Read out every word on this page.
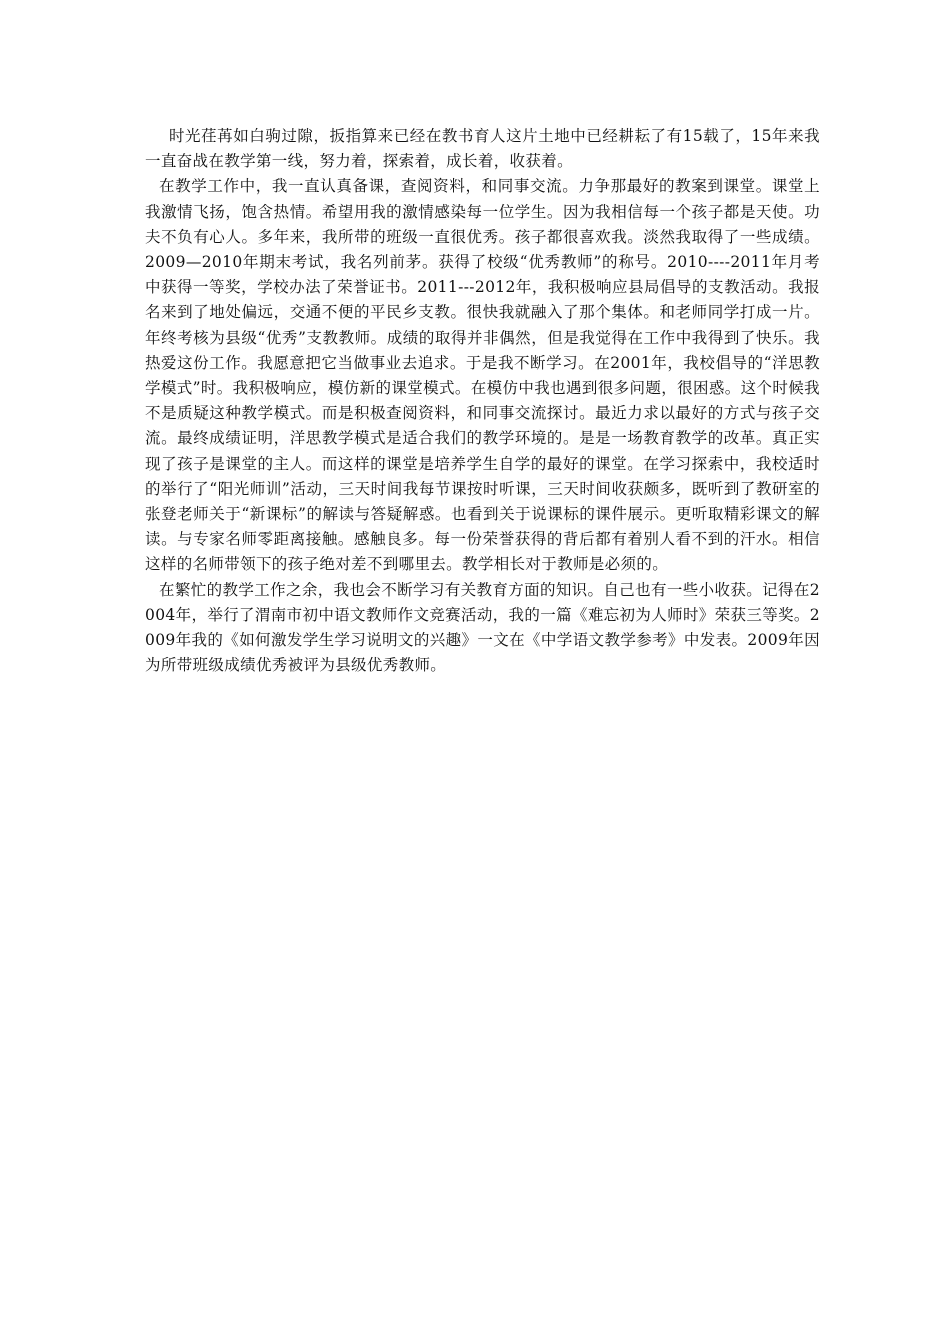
时光荏苒如白驹过隙，扳指算来已经在教书育人这片土地中已经耕耘了有15载了，15年来我一直奋战在教学第一线，努力着，探索着，成长着，收获着。

在教学工作中，我一直认真备课，查阅资料，和同事交流。力争那最好的教案到课堂。课堂上我激情飞扬，饱含热情。希望用我的激情感染每一位学生。因为我相信每一个孩子都是天使。功夫不负有心人。多年来，我所带的班级一直很优秀。孩子都很喜欢我。淡然我取得了一些成绩。2009—2010年期末考试，我名列前茅。获得了校级“优秀教师”的称号。2010----2011年月考中获得一等奖，学校办法了荣誉证书。2011---2012年，我积极响应县局倡导的支教活动。我报名来到了地处偏远，交通不便的平民乡支教。很快我就融入了那个集体。和老师同学打成一片。年终考核为县级“优秀”支教教师。成绩的取得并非偶然，但是我觉得在工作中我得到了快乐。我热爱这份工作。我愿意把它当做事业去追求。于是我不断学习。在2001年，我校倡导的“洋思教学模式”时。我积极响应，模仿新的课堂模式。在模仿中我也遇到很多问题，很困惑。这个时候我不是质疑这种教学模式。而是积极查阅资料，和同事交流探讨。最近力求以最好的方式与孩子交流。最终成绩证明，洋思教学模式是适合我们的教学环境的。是是一场教育教学的改革。真正实现了孩子是课堂的主人。而这样的课堂是培养学生自学的最好的课堂。在学习探索中，我校适时的举行了“阳光师训”活动，三天时间我每节课按时听课，三天时间收获颇多，既听到了教研室的张登老师关于“新课标”的解读与答疑解惑。也看到关于说课标的课件展示。更听取精彩课文的解读。与专家名师零距离接触。感触良多。每一份荣誉获得的背后都有着别人看不到的汗水。相信这样的名师带领下的孩子绝对差不到哪里去。教学相长对于教师是必须的。

在繁忙的教学工作之余，我也会不断学习有关教育方面的知识。自己也有一些小收获。记得在2004年，举行了渭南市初中语文教师作文竞赛活动，我的一篇《难忘初为人师时》荣获三等奖。2009年我的《如何激发学生学习说明文的兴趣》一文在《中学语文教学参考》中发表。2009年因为所带班级成绩优秀被评为县级优秀教师。
